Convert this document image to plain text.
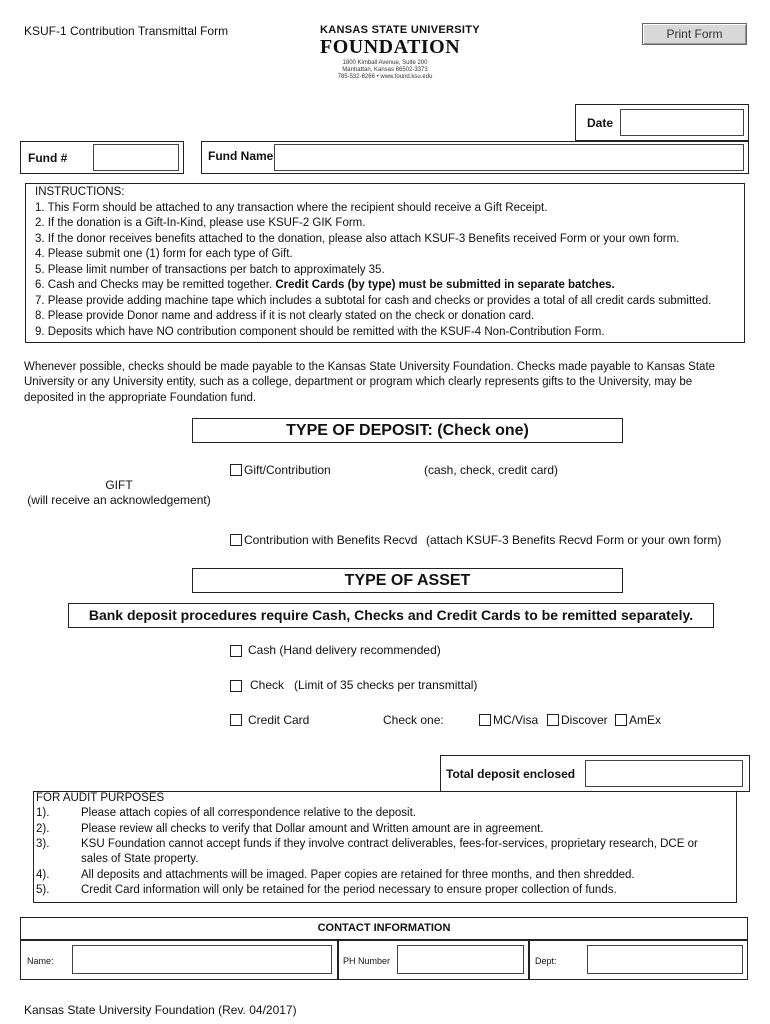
KSUF-1 Contribution Transmittal Form	KANSAS STATE UNIVERSITY
FOUNDATION
1800 Kimball Avenue, Suite 200
Manhattan, Kansas 66502-3373
785-532-6266 • www.found.ksu.edu
Print Form
Date
Fund #	Fund Name
INSTRUCTIONS:
1. This Form should be attached to any transaction where the recipient should receive a Gift Receipt.
2. If the donation is a Gift-In-Kind, please use KSUF-2 GIK Form.
3. If the donor receives benefits attached to the donation, please also attach KSUF-3 Benefits received Form or your own form.
4. Please submit one (1) form for each type of Gift.
5. Please limit number of transactions per batch to approximately 35.
6. Cash and Checks may be remitted together. Credit Cards (by type) must be submitted in separate batches.
7. Please provide adding machine tape which includes a subtotal for cash and checks or provides a total of all credit cards submitted.
8. Please provide Donor name and address if it is not clearly stated on the check or donation card.
9. Deposits which have NO contribution component should be remitted with the KSUF-4 Non-Contribution Form.
Whenever possible, checks should be made payable to the Kansas State University Foundation. Checks made payable to Kansas State
University or any University entity, such as a college, department or program which clearly represents gifts to the University, may be
deposited in the appropriate Foundation fund.
TYPE OF DEPOSIT: (Check one)
Gift/Contribution	(cash, check, credit card)
GIFT
(will receive an acknowledgement)
Contribution with Benefits Recvd (attach KSUF-3 Benefits Recvd Form or your own form)
TYPE OF ASSET
Bank deposit procedures require Cash, Checks and Credit Cards to be remitted separately.
Cash (Hand delivery recommended)
Check   (Limit of 35 checks per transmittal)
Credit Card	Check one:	MC/Visa Discover AmEx
Total deposit enclosed
FOR AUDIT PURPOSES
1).	Please attach copies of all correspondence relative to the deposit.
2).	Please review all checks to verify that Dollar amount and Written amount are in agreement.
3).	KSU Foundation cannot accept funds if they involve contract deliverables, fees-for-services, proprietary research, DCE or
sales of State property.
4).	All deposits and attachments will be imaged. Paper copies are retained for three months, and then shredded.
5).	Credit Card information will only be retained for the period necessary to ensure proper collection of funds.
CONTACT INFORMATION
Name:	PH Number	Dept:
Kansas State University Foundation (Rev. 04/2017)
